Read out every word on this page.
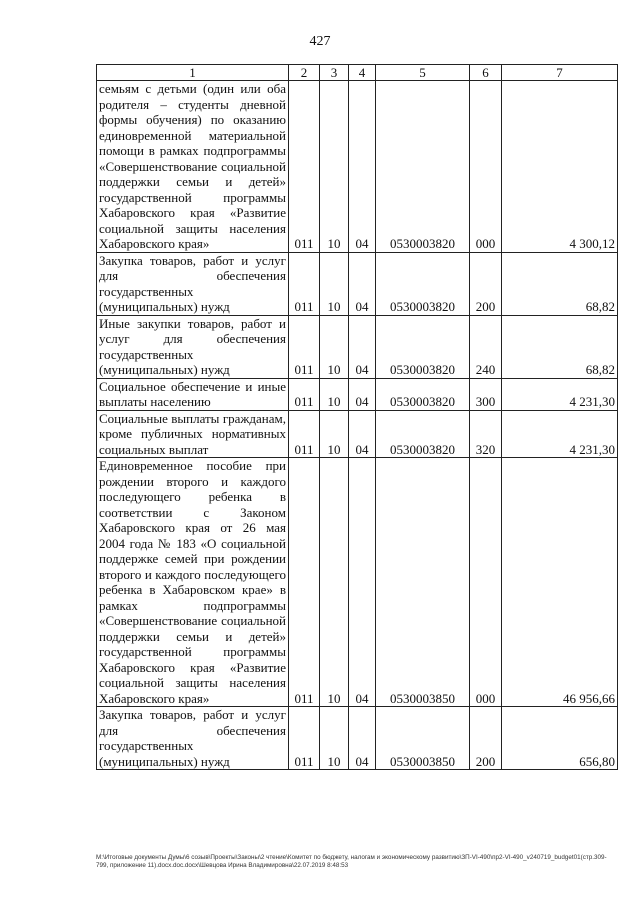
427
1	2	3	4	5	6	7
семьям с детьми (один или оба родителя – студенты дневной формы обучения) по оказанию единовременной материальной помощи в рамках подпрограммы «Совершенствование социальной поддержки семьи и детей» государственной программы Хабаровского края «Развитие социальной защиты населения Хабаровского края»	011	10	04	0530003820	000	4 300,12
Закупка товаров, работ и услуг для обеспечения государственных (муниципальных) нужд	011	10	04	0530003820	200	68,82
Иные закупки товаров, работ и услуг для обеспечения государственных (муниципальных) нужд	011	10	04	0530003820	240	68,82
Социальное обеспечение и иные выплаты населению	011	10	04	0530003820	300	4 231,30
Социальные выплаты гражданам, кроме публичных нормативных социальных выплат	011	10	04	0530003820	320	4 231,30
Единовременное пособие при рождении второго и каждого последующего ребенка в соответствии с Законом Хабаровского края от 26 мая 2004 года № 183 «О социальной поддержке семей при рождении второго и каждого последующего ребенка в Хабаровском крае» в рамках подпрограммы «Совершенствование социальной поддержки семьи и детей» государственной программы Хабаровского края «Развитие социальной защиты населения Хабаровского края»	011	10	04	0530003850	000	46 956,66
Закупка товаров, работ и услуг для обеспечения государственных (муниципальных) нужд	011	10	04	0530003850	200	656,80
M:\Итоговые документы Думы\6 созыв\Проекты\Законы\2 чтение\Комитет по бюджету, налогам и экономическому развитию\ЗП-VI-490\пр2-VI-490_v240719_budget01(стр.309-799, приложение 11).docx.doc.docx\Шевцова Ирина Владимировна\22.07.2019 8:48:53
